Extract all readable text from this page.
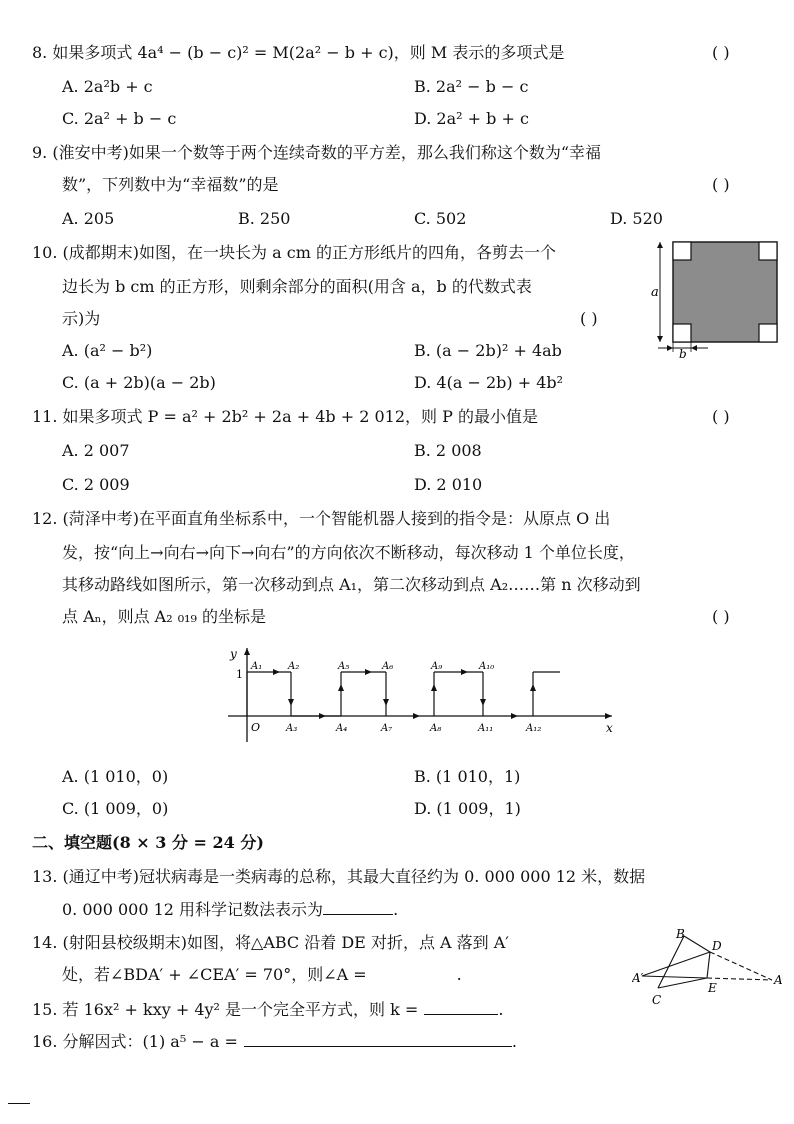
8. 如果多项式 4a⁴ − (b − c)² = M(2a² − b + c)，则 M 表示的多项式是	( )
A. 2a²b + c	B. 2a² − b − c
C. 2a² + b − c	D. 2a² + b + c
9. (淮安中考)如果一个数等于两个连续奇数的平方差，那么我们称这个数为“幸福
数”，下列数中为“幸福数”的是	( )
A. 205	B. 250	C. 502	D. 520
10. (成都期末)如图，在一块长为 a cm 的正方形纸片的四角，各剪去一个
边长为 b cm 的正方形，则剩余部分的面积(用含 a，b 的代数式表
示)为	( )
A. (a² − b²)	B. (a − 2b)² + 4ab
C. (a + 2b)(a − 2b)	D. 4(a − 2b) + 4b²
a
b
11. 如果多项式 P = a² + 2b² + 2a + 4b + 2 012，则 P 的最小值是	( )
A. 2 007	B. 2 008
C. 2 009	D. 2 010
12. (菏泽中考)在平面直角坐标系中，一个智能机器人接到的指令是：从原点 O 出
发，按“向上→向右→向下→向右”的方向依次不断移动，每次移动 1 个单位长度，
其移动路线如图所示，第一次移动到点 A₁，第二次移动到点 A₂……第 n 次移动到
点 Aₙ，则点 A₂ ₀₁₉ 的坐标是	( )
y
x
O
1
A₁	A₂
A₃	A₄
A₅	A₆
A₇	A₈
A₉	A₁₀
A₁₁	A₁₂
A. (1 010，0)	B. (1 010，1)
C. (1 009，0)	D. (1 009，1)
二、填空题(8 × 3 分 = 24 分)
13. (通辽中考)冠状病毒是一类病毒的总称，其最大直径约为 0. 000 000 12 米，数据
0. 000 000 12 用科学记数法表示为	.
14. (射阳县校级期末)如图，将△ABC 沿着 DE 对折，点 A 落到 A′
处，若∠BDA′ + ∠CEA′ = 70°，则∠A =	.
B
D
A′	A
C
E
15. 若 16x² + kxy + 4y² 是一个完全平方式，则 k =	.
16. 分解因式：(1) a⁵ − a =	.
